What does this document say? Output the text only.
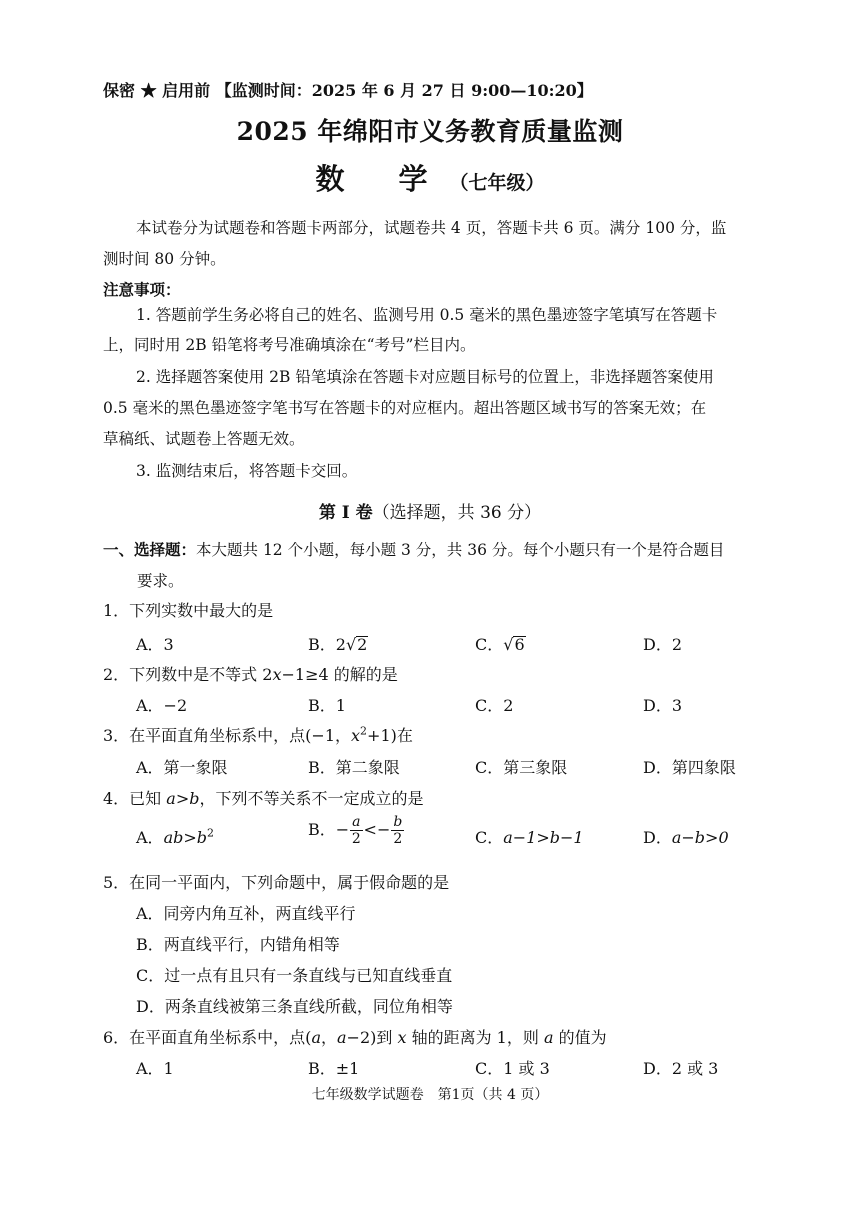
保密 ★ 启用前 【监测时间：2025 年 6 月 27 日 9:00—10:20】
2025 年绵阳市义务教育质量监测
数 学（七年级）
本试卷分为试题卷和答题卡两部分，试题卷共 4 页，答题卡共 6 页。满分 100 分，监
测时间 80 分钟。
注意事项：
1. 答题前学生务必将自己的姓名、监测号用 0.5 毫米的黑色墨迹签字笔填写在答题卡
上，同时用 2B 铅笔将考号准确填涂在“考号”栏目内。
2. 选择题答案使用 2B 铅笔填涂在答题卡对应题目标号的位置上，非选择题答案使用
0.5 毫米的黑色墨迹签字笔书写在答题卡的对应框内。超出答题区域书写的答案无效；在
草稿纸、试题卷上答题无效。
3. 监测结束后，将答题卡交回。
第 I 卷（选择题，共 36 分）
一、选择题：本大题共 12 个小题，每小题 3 分，共 36 分。每个小题只有一个是符合题目
要求。
1．下列实数中最大的是
A．3	B．2√2	C．√6	D．2
2．下列数中是不等式 2x−1≥4 的解的是
A．−2	B．1	C．2	D．3
3．在平面直角坐标系中，点(−1，$x^2+1$)在
A．第一象限	B．第二象限	C．第三象限	D．第四象限
4．已知 a>b，下列不等关系不一定成立的是
A．$ab>b^2$	B．− $\frac{a}{2} <- \frac{b}{2}$	C．a−1>b−1	D．a−b>0
5．在同一平面内，下列命题中，属于假命题的是
A．同旁内角互补，两直线平行
B．两直线平行，内错角相等
C．过一点有且只有一条直线与已知直线垂直
D．两条直线被第三条直线所截，同位角相等
6．在平面直角坐标系中，点(a，a−2)到 x 轴的距离为 1，则 a 的值为
A．1	B．±1	C．1 或 3	D．2 或 3
七年级数学试题卷　第1页（共 4 页）
